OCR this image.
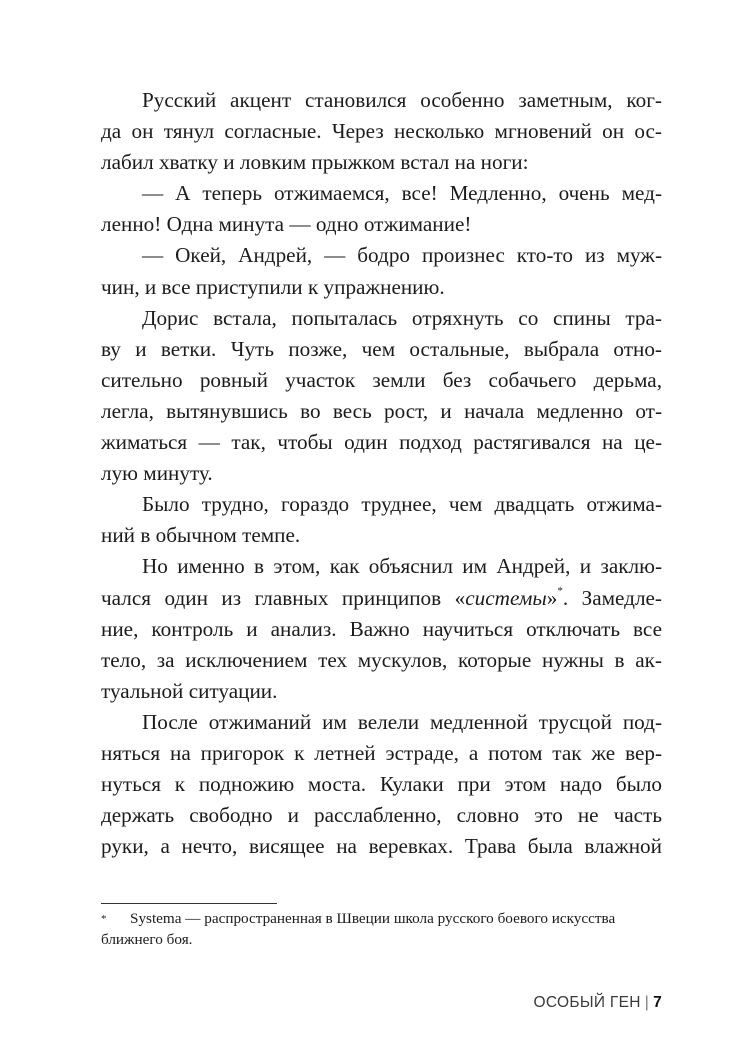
Русский акцент становился особенно заметным, ког-
да он тянул согласные. Через несколько мгновений он ос-
лабил хватку и ловким прыжком встал на ноги:
— А теперь отжимаемся, все! Медленно, очень мед-
ленно! Одна минута — одно отжимание!
— Окей, Андрей, — бодро произнес кто-то из муж-
чин, и все приступили к упражнению.
Дорис встала, попыталась отряхнуть со спины тра-
ву и ветки. Чуть позже, чем остальные, выбрала отно-
сительно ровный участок земли без собачьего дерьма,
легла, вытянувшись во весь рост, и начала медленно от-
жиматься — так, чтобы один подход растягивался на це-
лую минуту.
Было трудно, гораздо труднее, чем двадцать отжима-
ний в обычном темпе.
Но именно в этом, как объяснил им Андрей, и заклю-
чался один из главных принципов «системы»*. Замедле-
ние, контроль и анализ. Важно научиться отключать все
тело, за исключением тех мускулов, которые нужны в ак-
туальной ситуации.
После отжиманий им велели медленной трусцой под-
няться на пригорок к летней эстраде, а потом так же вер-
нуться к подножию моста. Кулаки при этом надо было
держать свободно и расслабленно, словно это не часть
руки, а нечто, висящее на веревках. Трава была влажной
* Systema — распространенная в Швеции школа русского боевого искусства
ближнего боя.
ОСОБЫЙ ГЕН | 7
